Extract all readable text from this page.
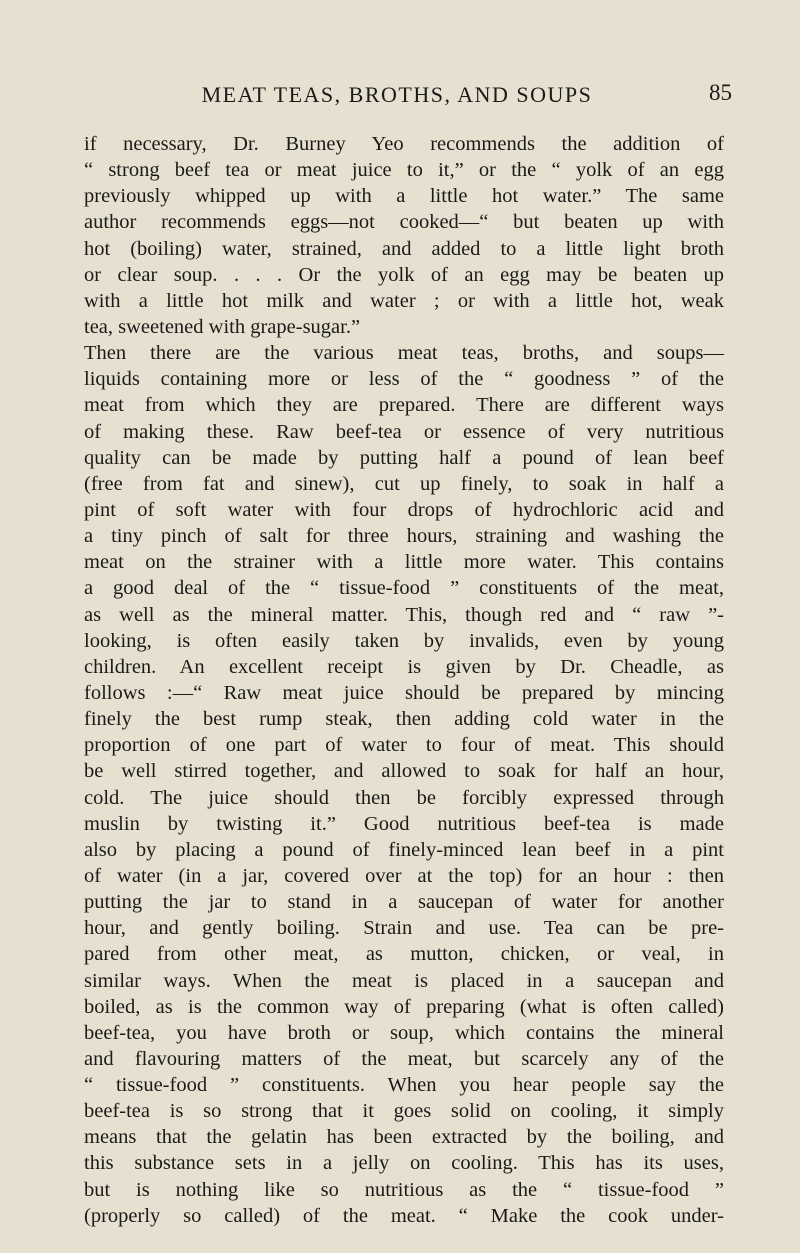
MEAT TEAS, BROTHS, AND SOUPS	85
if necessary, Dr. Burney Yeo recommends the addition of
“ strong beef tea or meat juice to it,” or the “ yolk of an egg
previously whipped up with a little hot water.” The same
author recommends eggs—not cooked—“ but beaten up with
hot (boiling) water, strained, and added to a little light broth
or clear soup. . . . Or the yolk of an egg may be beaten up
with a little hot milk and water ; or with a little hot, weak
tea, sweetened with grape-sugar.”
Then there are the various meat teas, broths, and soups—
liquids containing more or less of the “ goodness ” of the
meat from which they are prepared. There are different ways
of making these. Raw beef-tea or essence of very nutritious
quality can be made by putting half a pound of lean beef
(free from fat and sinew), cut up finely, to soak in half a
pint of soft water with four drops of hydrochloric acid and
a tiny pinch of salt for three hours, straining and washing the
meat on the strainer with a little more water. This contains
a good deal of the “ tissue-food ” constituents of the meat,
as well as the mineral matter. This, though red and “ raw ”-
looking, is often easily taken by invalids, even by young
children. An excellent receipt is given by Dr. Cheadle, as
follows :—“ Raw meat juice should be prepared by mincing
finely the best rump steak, then adding cold water in the
proportion of one part of water to four of meat. This should
be well stirred together, and allowed to soak for half an hour,
cold. The juice should then be forcibly expressed through
muslin by twisting it.” Good nutritious beef-tea is made
also by placing a pound of finely-minced lean beef in a pint
of water (in a jar, covered over at the top) for an hour : then
putting the jar to stand in a saucepan of water for another
hour, and gently boiling. Strain and use. Tea can be pre-
pared from other meat, as mutton, chicken, or veal, in
similar ways. When the meat is placed in a saucepan and
boiled, as is the common way of preparing (what is often called)
beef-tea, you have broth or soup, which contains the mineral
and flavouring matters of the meat, but scarcely any of the
“ tissue-food ” constituents. When you hear people say the
beef-tea is so strong that it goes solid on cooling, it simply
means that the gelatin has been extracted by the boiling, and
this substance sets in a jelly on cooling. This has its uses,
but is nothing like so nutritious as the “ tissue-food ”
(properly so called) of the meat. “ Make the cook under-
